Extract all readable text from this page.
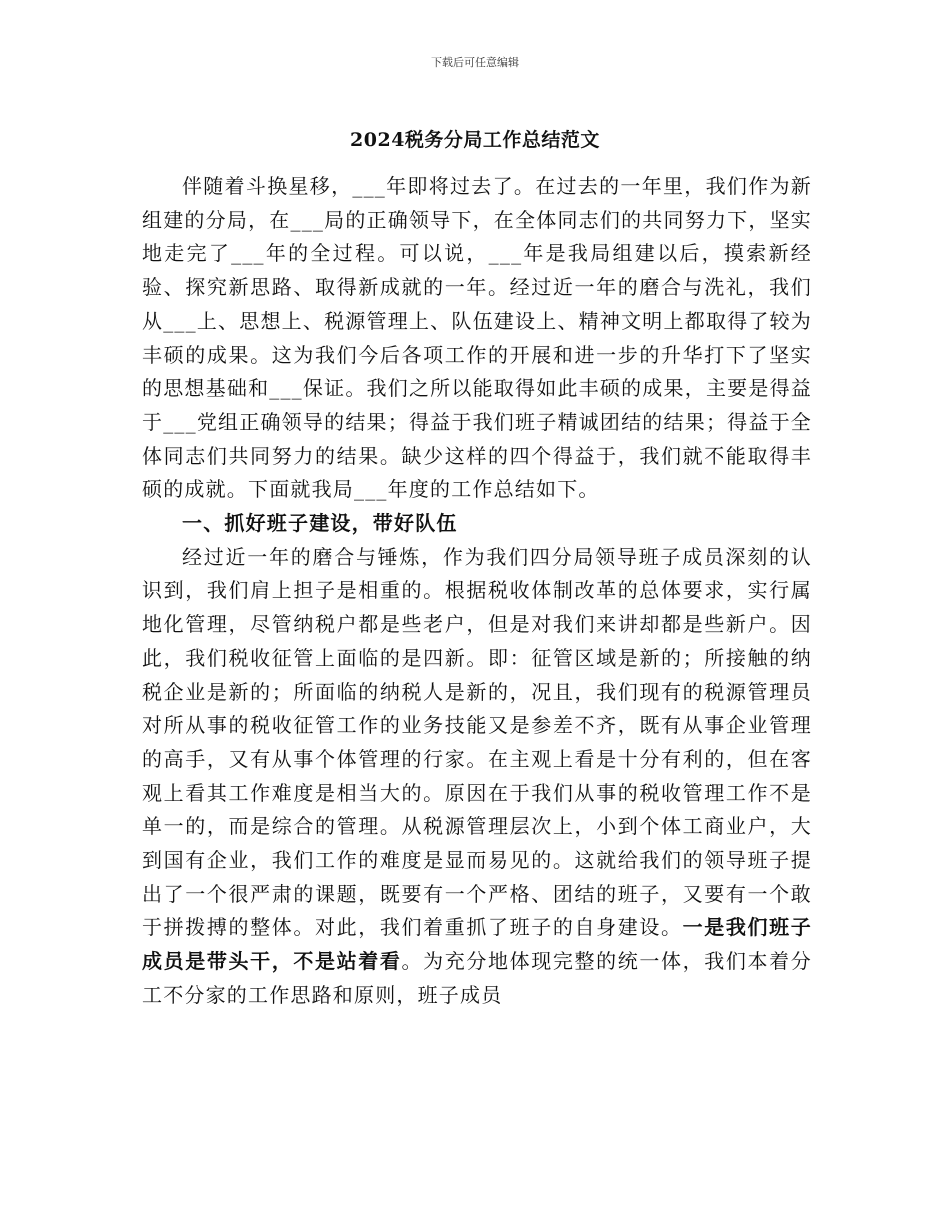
下载后可任意编辑
2024税务分局工作总结范文

伴随着斗换星移，___年即将过去了。在过去的一年里，我们作为新组建的分局，在___局的正确领导下，在全体同志们的共同努力下，坚实地走完了___年的全过程。可以说，___年是我局组建以后，摸索新经验、探究新思路、取得新成就的一年。经过近一年的磨合与洗礼，我们从___上、思想上、税源管理上、队伍建设上、精神文明上都取得了较为丰硕的成果。这为我们今后各项工作的开展和进一步的升华打下了坚实的思想基础和___保证。我们之所以能取得如此丰硕的成果，主要是得益于___党组正确领导的结果；得益于我们班子精诚团结的结果；得益于全体同志们共同努力的结果。缺少这样的四个得益于，我们就不能取得丰硕的成就。下面就我局___年度的工作总结如下。

一、抓好班子建设，带好队伍

经过近一年的磨合与锤炼，作为我们四分局领导班子成员深刻的认识到，我们肩上担子是相重的。根据税收体制改革的总体要求，实行属地化管理，尽管纳税户都是些老户，但是对我们来讲却都是些新户。因此，我们税收征管上面临的是四新。即：征管区域是新的；所接触的纳税企业是新的；所面临的纳税人是新的，况且，我们现有的税源管理员对所从事的税收征管工作的业务技能又是参差不齐，既有从事企业管理的高手，又有从事个体管理的行家。在主观上看是十分有利的，但在客观上看其工作难度是相当大的。原因在于我们从事的税收管理工作不是单一的，而是综合的管理。从税源管理层次上，小到个体工商业户，大到国有企业，我们工作的难度是显而易见的。这就给我们的领导班子提出了一个很严肃的课题，既要有一个严格、团结的班子，又要有一个敢于拼拨搏的整体。对此，我们着重抓了班子的自身建设。一是我们班子成员是带头干，不是站着看。为充分地体现完整的统一体，我们本着分工不分家的工作思路和原则，班子成员
